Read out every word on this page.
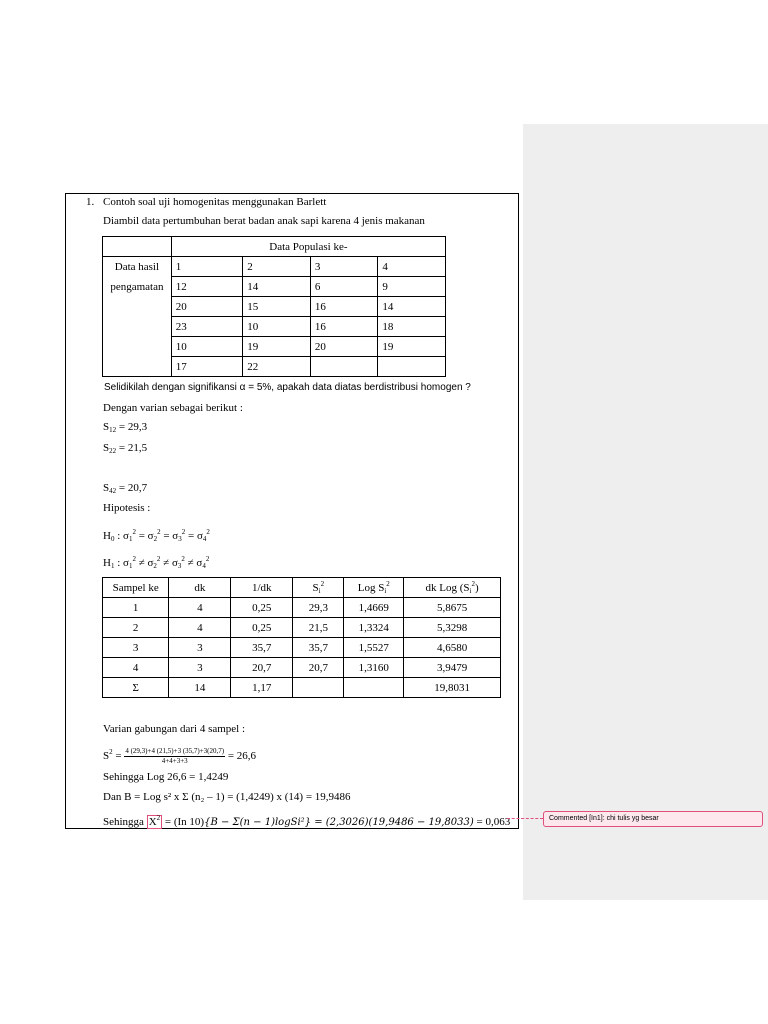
1. Contoh soal uji homogenitas menggunakan Barlett
Diambil data pertumbuhan berat badan anak sapi karena 4 jenis makanan
	Data Populasi ke-			
Data hasil	1	2	3	4
pengamatan	12	14	6	9
	20	15	16	14
	23	10	16	18
	10	19	20	19
	17	22		
Selidikilah dengan signifikansi α = 5%, apakah data diatas berdistribusi homogen ?
Dengan varian sebagai berikut :
$S_{12} = 29,3$
$S_{22} = 21,5$
$S_{42} = 20,7$
Hipotesis :
$H_0$ : $\sigma_1^2 = \sigma_2^2 = \sigma_3^2 = \sigma_4^2$
$H_1$ : $\sigma_1^2 \ne \sigma_2^2 \ne \sigma_3^2 \ne \sigma_4^2$
Sampel ke	dk	1/dk	$S_i^2$	Log $S_i^2$	dk Log $(S_i^2)$
1	4	0,25	29,3	1,4669	5,8675
2	4	0,25	21,5	1,3324	5,3298
3	3	35,7	35,7	1,5527	4,6580
4	3	20,7	20,7	1,3160	3,9479
Σ	14	1,17			19,8031
Varian gabungan dari 4 sampel :
$S^2 = \frac{4 (29,3)+4 (21,5)+3 (35,7)+3(20,7)}{4+4+3+3} = 26,6$
Sehingga Log 26,6 = 1,4249
Dan B = Log s² x Σ (n₂ – 1) = (1,4249) x (14) = 19,9486
Sehingga $X^2 = (In$ 10){B − Σ(n − 1)logSi²} = (2,3026)(19,9486 − 19,8033) = 0,063	Commented [In1]: chi tulis yg besar
